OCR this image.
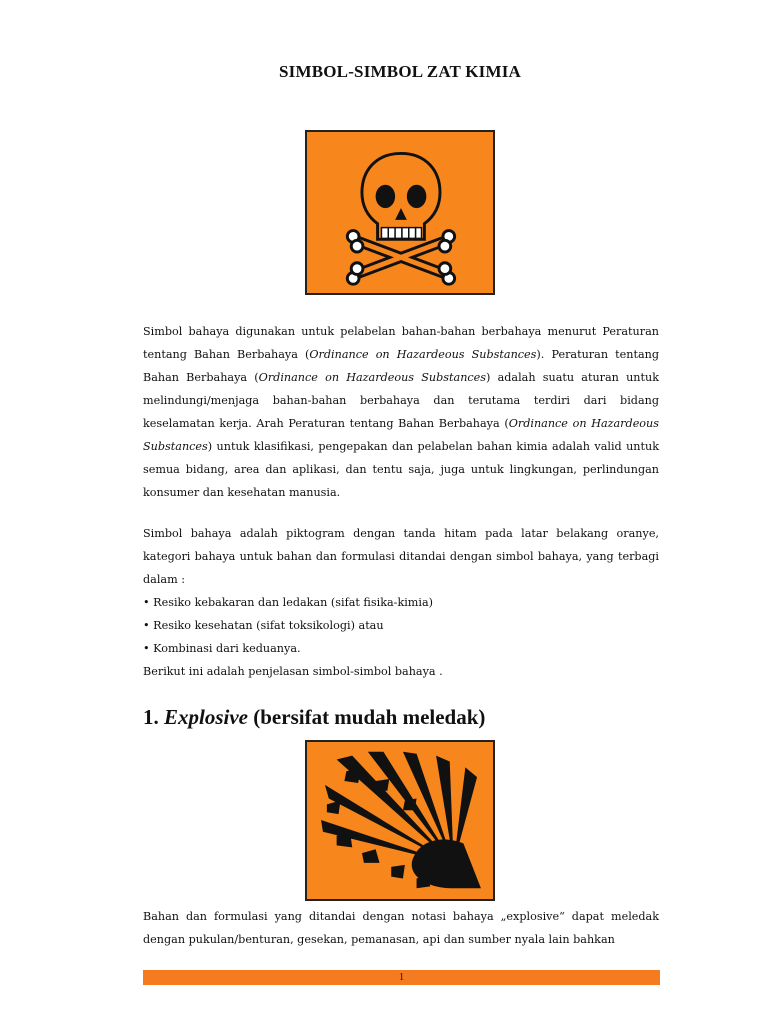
SIMBOL-SIMBOL ZAT KIMIA
Simbol bahaya digunakan untuk pelabelan bahan-bahan berbahaya menurut Peraturan tentang Bahan Berbahaya (Ordinance on Hazardeous Substances). Peraturan tentang Bahan Berbahaya (Ordinance on Hazardeous Substances) adalah suatu aturan untuk melindungi/menjaga bahan-bahan berbahaya dan terutama terdiri dari bidang keselamatan kerja. Arah Peraturan tentang Bahan Berbahaya (Ordinance on Hazardeous Substances) untuk klasifikasi, pengepakan dan pelabelan bahan kimia adalah valid untuk semua bidang, area dan aplikasi, dan tentu saja, juga untuk lingkungan, perlindungan konsumer dan kesehatan manusia.
Simbol bahaya adalah piktogram dengan tanda hitam pada latar belakang oranye, kategori bahaya untuk bahan dan formulasi ditandai dengan simbol bahaya, yang terbagi dalam :
• Resiko kebakaran dan ledakan (sifat fisika-kimia)
• Resiko kesehatan (sifat toksikologi) atau
• Kombinasi dari keduanya.
Berikut ini adalah penjelasan simbol-simbol bahaya .
1. Explosive (bersifat mudah meledak)
Bahan dan formulasi yang ditandai dengan notasi bahaya „explosive“ dapat meledak dengan pukulan/benturan, gesekan, pemanasan, api dan sumber nyala lain bahkan
1
